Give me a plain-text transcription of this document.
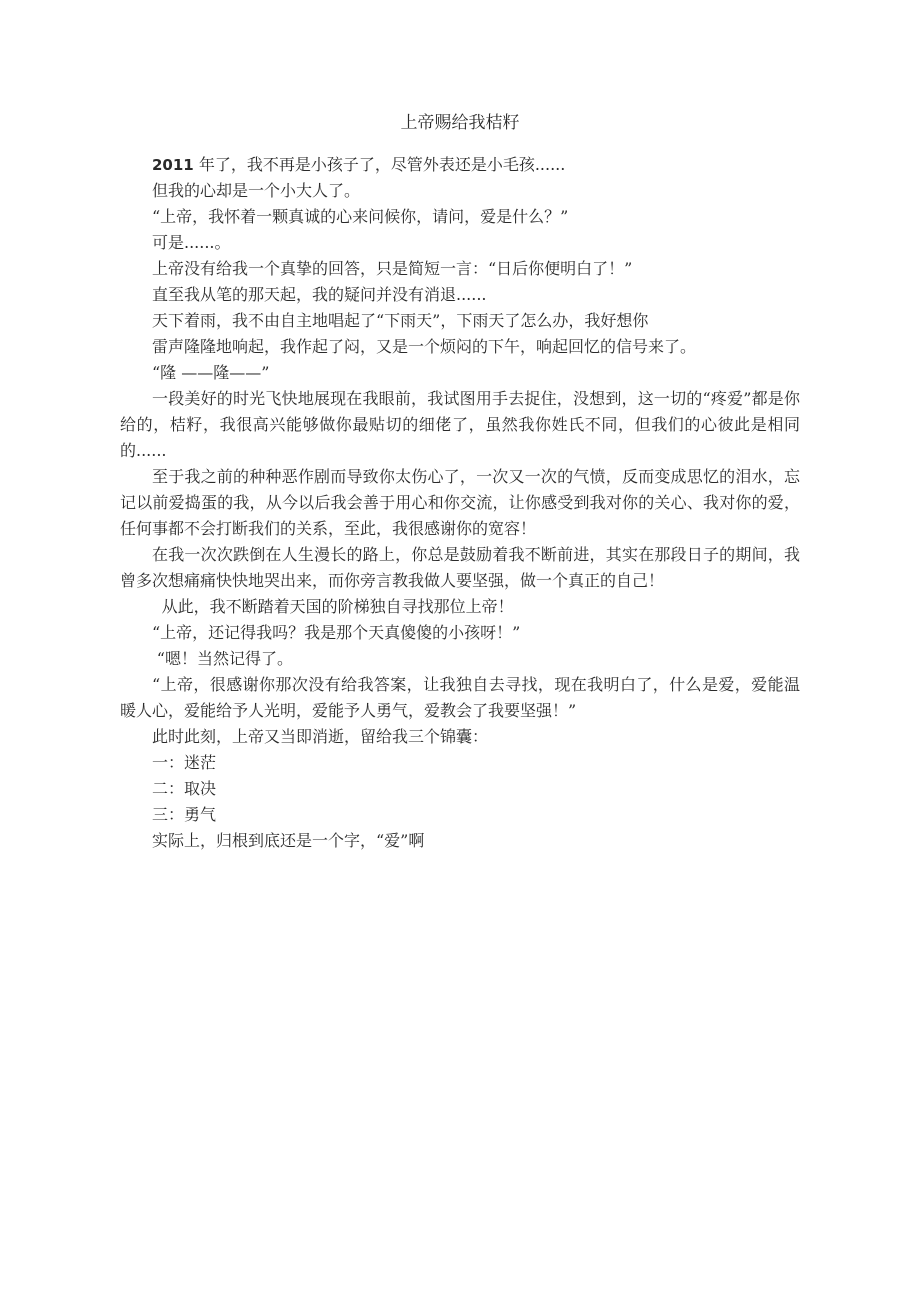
上帝赐给我桔籽

2011 年了，我不再是小孩子了，尽管外表还是小毛孩......

但我的心却是一个小大人了。

“上帝，我怀着一颗真诚的心来问候你，请问，爱是什么？”

可是......。

上帝没有给我一个真挚的回答，只是简短一言：“日后你便明白了！”

直至我从笔的那天起，我的疑问并没有消退......

天下着雨，我不由自主地唱起了“下雨天”，下雨天了怎么办，我好想你

雷声隆隆地响起，我作起了闷，又是一个烦闷的下午，响起回忆的信号来了。

“隆 ——隆——”

一段美好的时光飞快地展现在我眼前，我试图用手去捉住，没想到，这一切的“疼爱”都是你给的，桔籽，我很高兴能够做你最贴切的细佬了，虽然我你姓氏不同，但我们的心彼此是相同的......

至于我之前的种种恶作剧而导致你太伤心了，一次又一次的气愤，反而变成思忆的泪水，忘记以前爱捣蛋的我，从今以后我会善于用心和你交流，让你感受到我对你的关心、我对你的爱，任何事都不会打断我们的关系，至此，我很感谢你的宽容！

在我一次次跌倒在人生漫长的路上，你总是鼓励着我不断前进，其实在那段日子的期间，我曾多次想痛痛快快地哭出来，而你旁言教我做人要坚强，做一个真正的自己！

从此，我不断踏着天国的阶梯独自寻找那位上帝！

“上帝，还记得我吗？我是那个天真傻傻的小孩呀！”

“嗯！当然记得了。

“上帝，很感谢你那次没有给我答案，让我独自去寻找，现在我明白了，什么是爱，爱能温暖人心，爱能给予人光明，爱能予人勇气，爱教会了我要坚强！”

此时此刻，上帝又当即消逝，留给我三个锦囊：

一：迷茫

二：取决

三：勇气

实际上，归根到底还是一个字，“爱”啊
